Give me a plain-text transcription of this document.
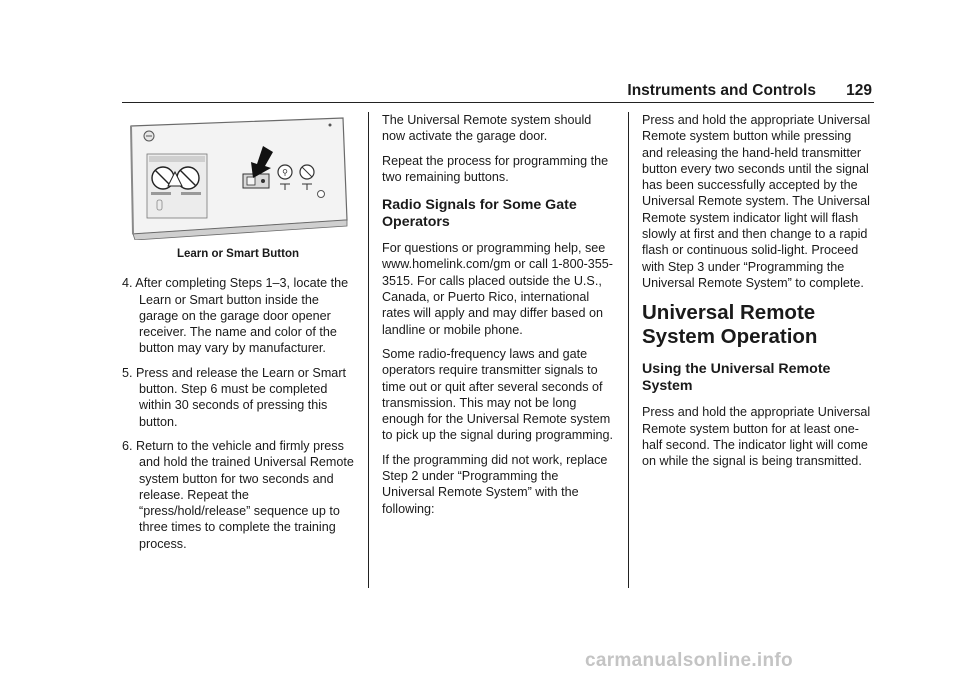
Instruments and Controls 129
⚲
Learn or Smart Button

4. After completing Steps 1–3, locate the Learn or Smart button inside the garage on the garage door opener receiver. The name and color of the button may vary by manufacturer.

5. Press and release the Learn or Smart button. Step 6 must be completed within 30 seconds of pressing this button.

6. Return to the vehicle and firmly press and hold the trained Universal Remote system button for two seconds and release. Repeat the “press/hold/release” sequence up to three times to complete the training process.

The Universal Remote system should now activate the garage door.

Repeat the process for programming the two remaining buttons.

Radio Signals for Some Gate Operators

For questions or programming help, see www.homelink.com/gm or call 1-800-355-3515. For calls placed outside the U.S., Canada, or Puerto Rico, international rates will apply and may differ based on landline or mobile phone.

Some radio-frequency laws and gate operators require transmitter signals to time out or quit after several seconds of transmission. This may not be long enough for the Universal Remote system to pick up the signal during programming.

If the programming did not work, replace Step 2 under “Programming the Universal Remote System” with the following:

Press and hold the appropriate Universal Remote system button while pressing and releasing the hand-held transmitter button every two seconds until the signal has been successfully accepted by the Universal Remote system. The Universal Remote system indicator light will flash slowly at first and then change to a rapid flash or continuous solid-light. Proceed with Step 3 under “Programming the Universal Remote System” to complete.

Universal Remote System Operation
Using the Universal Remote System

Press and hold the appropriate Universal Remote system button for at least one-half second. The indicator light will come on while the signal is being transmitted.

carmanualsonline.info
